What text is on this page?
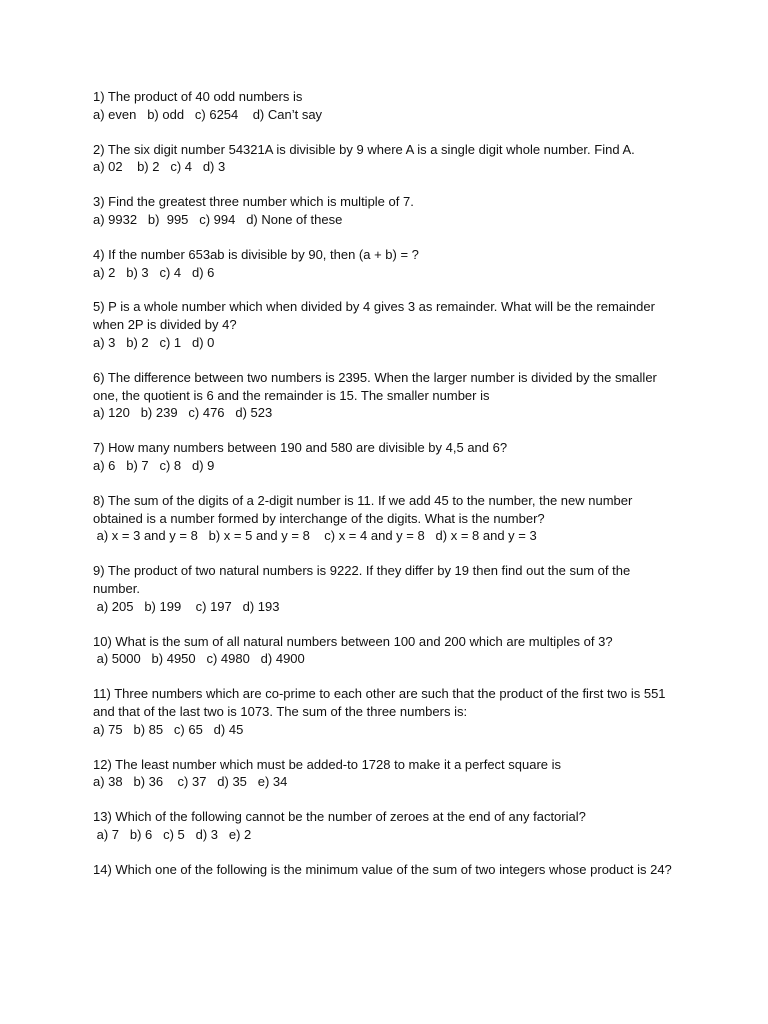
1) The product of 40 odd numbers is

a) even   b) odd   c) 6254    d) Can’t say

2) The six digit number 54321A is divisible by 9 where A is a single digit whole number. Find A.

a) 02    b) 2   c) 4   d) 3

3) Find the greatest three number which is multiple of 7.

a) 9932   b)  995   c) 994   d) None of these

4) If the number 653ab is divisible by 90, then (a + b) = ?

a) 2   b) 3   c) 4   d) 6

5) P is a whole number which when divided by 4 gives 3 as remainder. What will be the remainder when 2P is divided by 4?

a) 3   b) 2   c) 1   d) 0

6) The difference between two numbers is 2395. When the larger number is divided by the smaller one, the quotient is 6 and the remainder is 15. The smaller number is

a) 120   b) 239   c) 476   d) 523

7) How many numbers between 190 and 580 are divisible by 4,5 and 6?

a) 6   b) 7   c) 8   d) 9

8) The sum of the digits of a 2-digit number is 11. If we add 45 to the number, the new number obtained is a number formed by interchange of the digits. What is the number?

a) x = 3 and y = 8   b) x = 5 and y = 8    c) x = 4 and y = 8   d) x = 8 and y = 3

9) The product of two natural numbers is 9222. If they differ by 19 then find out the sum of the number.

a) 205   b) 199    c) 197   d) 193

10) What is the sum of all natural numbers between 100 and 200 which are multiples of 3?

a) 5000   b) 4950   c) 4980   d) 4900

11) Three numbers which are co-prime to each other are such that the product of the first two is 551 and that of the last two is 1073. The sum of the three numbers is:

a) 75   b) 85   c) 65   d) 45

12) The least number which must be added-to 1728 to make it a perfect square is

a) 38   b) 36    c) 37   d) 35   e) 34

13) Which of the following cannot be the number of zeroes at the end of any factorial?

a) 7   b) 6   c) 5   d) 3   e) 2

14) Which one of the following is the minimum value of the sum of two integers whose product is 24?
